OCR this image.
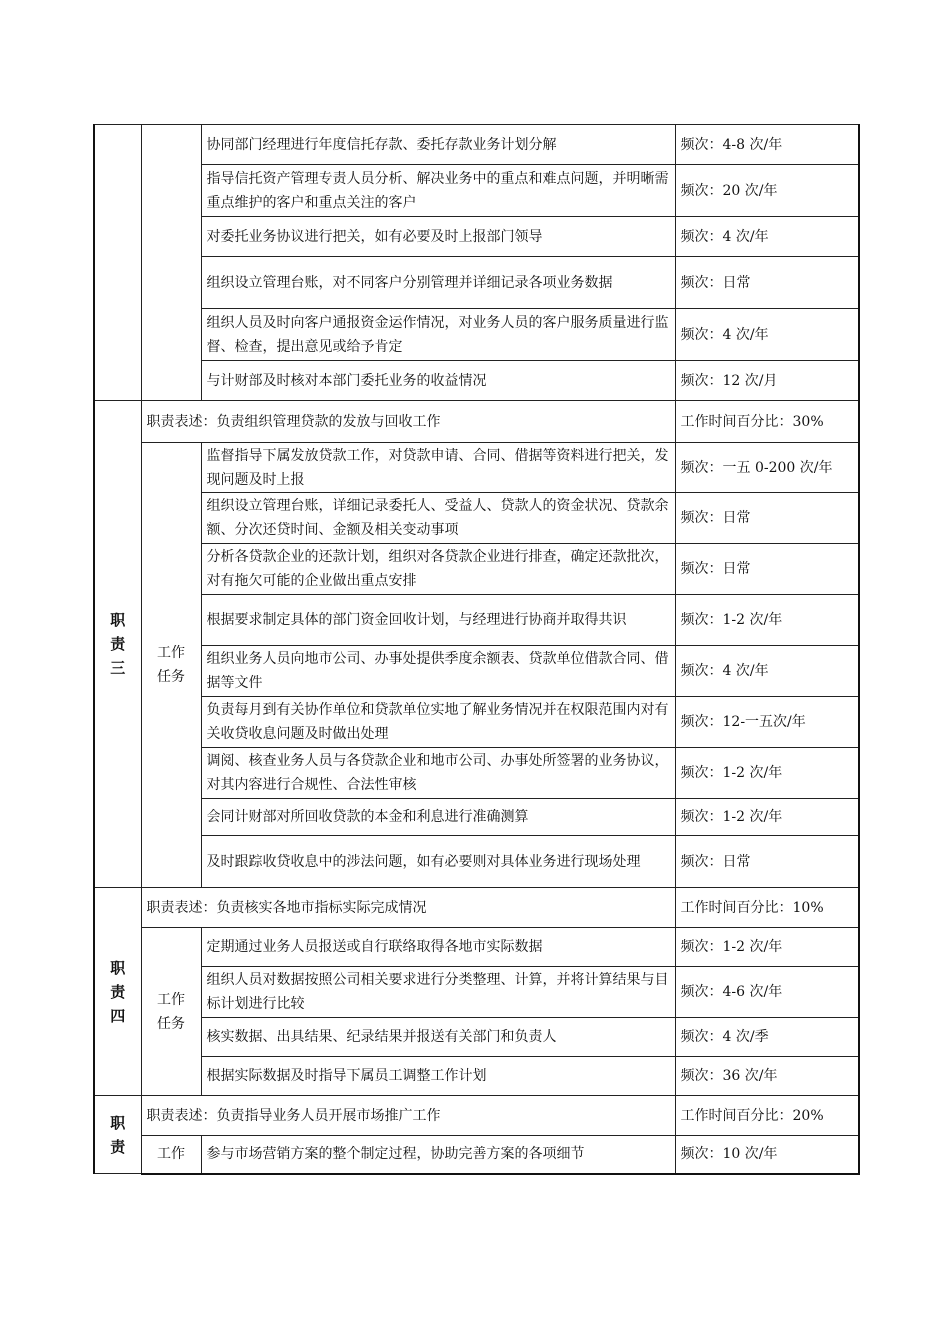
		协同部门经理进行年度信托存款、委托存款业务计划分解	频次：4-8 次/年
		指导信托资产管理专责人员分析、解决业务中的重点和难点问题，并明晰需重点维护的客户和重点关注的客户	频次：20 次/年
		对委托业务协议进行把关，如有必要及时上报部门领导	频次：4 次/年
		组织设立管理台账，对不同客户分别管理并详细记录各项业务数据	频次：日常
		组织人员及时向客户通报资金运作情况，对业务人员的客户服务质量进行监督、检查，提出意见或给予肯定	频次：4 次/年
		与计财部及时核对本部门委托业务的收益情况	频次：12 次/月
职责三	职责表述：负责组织管理贷款的发放与回收工作		工作时间百分比：30%
	工作任务	监督指导下属发放贷款工作，对贷款申请、合同、借据等资料进行把关，发现问题及时上报	频次：一五 0-200 次/年
		组织设立管理台账，详细记录委托人、受益人、贷款人的资金状况、贷款余额、分次还贷时间、金额及相关变动事项	频次：日常
		分析各贷款企业的还款计划，组织对各贷款企业进行排查，确定还款批次，对有拖欠可能的企业做出重点安排	频次：日常
		根据要求制定具体的部门资金回收计划，与经理进行协商并取得共识	频次：1-2 次/年
		组织业务人员向地市公司、办事处提供季度余额表、贷款单位借款合同、借据等文件	频次：4 次/年
		负责每月到有关协作单位和贷款单位实地了解业务情况并在权限范围内对有关收贷收息问题及时做出处理	频次：12-一五次/年
		调阅、核查业务人员与各贷款企业和地市公司、办事处所签署的业务协议，对其内容进行合规性、合法性审核	频次：1-2 次/年
		会同计财部对所回收贷款的本金和利息进行准确测算	频次：1-2 次/年
		及时跟踪收贷收息中的涉法问题，如有必要则对具体业务进行现场处理	频次：日常
职责四	职责表述：负责核实各地市指标实际完成情况		工作时间百分比：10%
	工作任务	定期通过业务人员报送或自行联络取得各地市实际数据	频次：1-2 次/年
		组织人员对数据按照公司相关要求进行分类整理、计算，并将计算结果与目标计划进行比较	频次：4-6 次/年
		核实数据、出具结果、纪录结果并报送有关部门和负责人	频次：4 次/季
		根据实际数据及时指导下属员工调整工作计划	频次：36 次/年
职责	职责表述：负责指导业务人员开展市场推广工作		工作时间百分比：20%
	工作	参与市场营销方案的整个制定过程，协助完善方案的各项细节	频次：10 次/年
